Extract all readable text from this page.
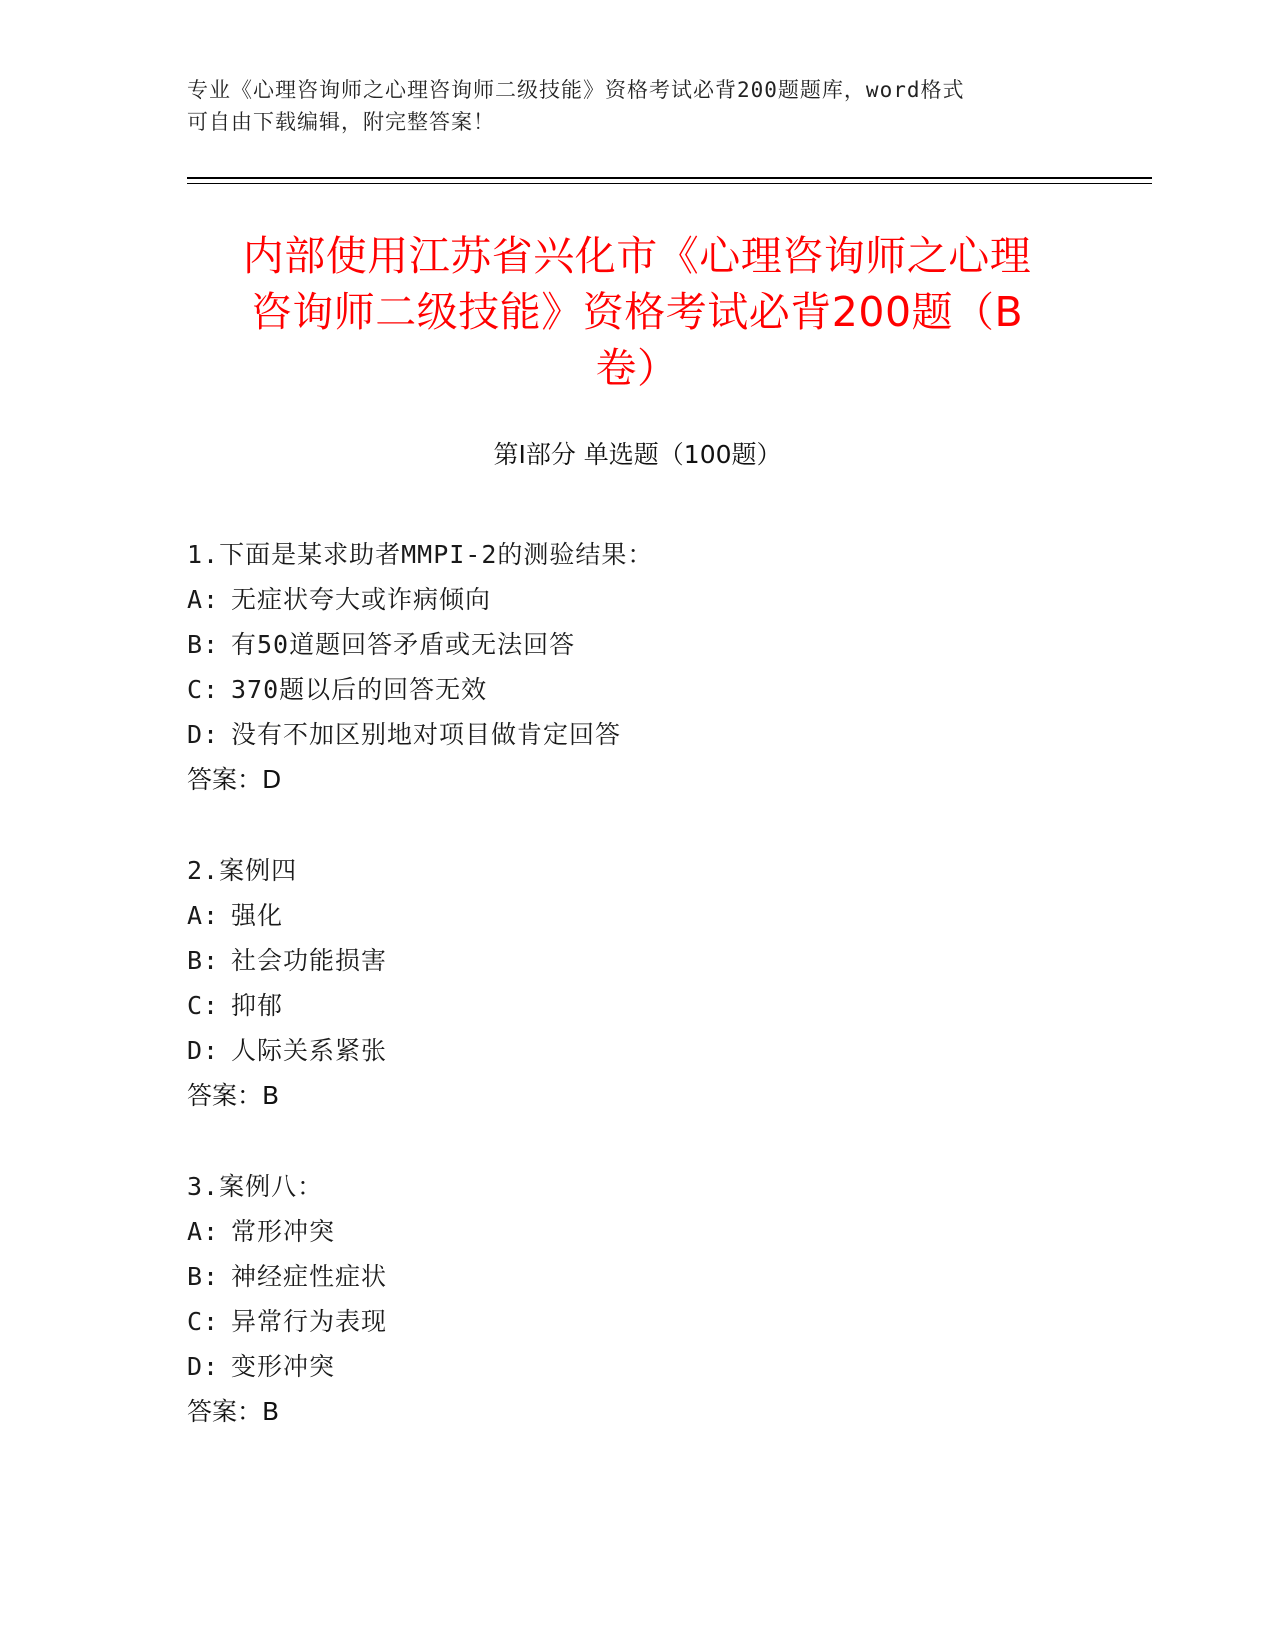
专业《心理咨询师之心理咨询师二级技能》资格考试必背200题题库，word格式
可自由下载编辑，附完整答案！
内部使用江苏省兴化市《心理咨询师之心理
咨询师二级技能》资格考试必背200题（B
卷）
第Ⅰ部分 单选题（100题）
1.下面是某求助者MMPI-2的测验结果：
A: 无症状夸大或诈病倾向
B: 有50道题回答矛盾或无法回答
C: 370题以后的回答无效
D: 没有不加区别地对项目做肯定回答
答案：D
2.案例四
A: 强化
B: 社会功能损害
C: 抑郁
D: 人际关系紧张
答案：B
3.案例八：
A: 常形冲突
B: 神经症性症状
C: 异常行为表现
D: 变形冲突
答案：B
